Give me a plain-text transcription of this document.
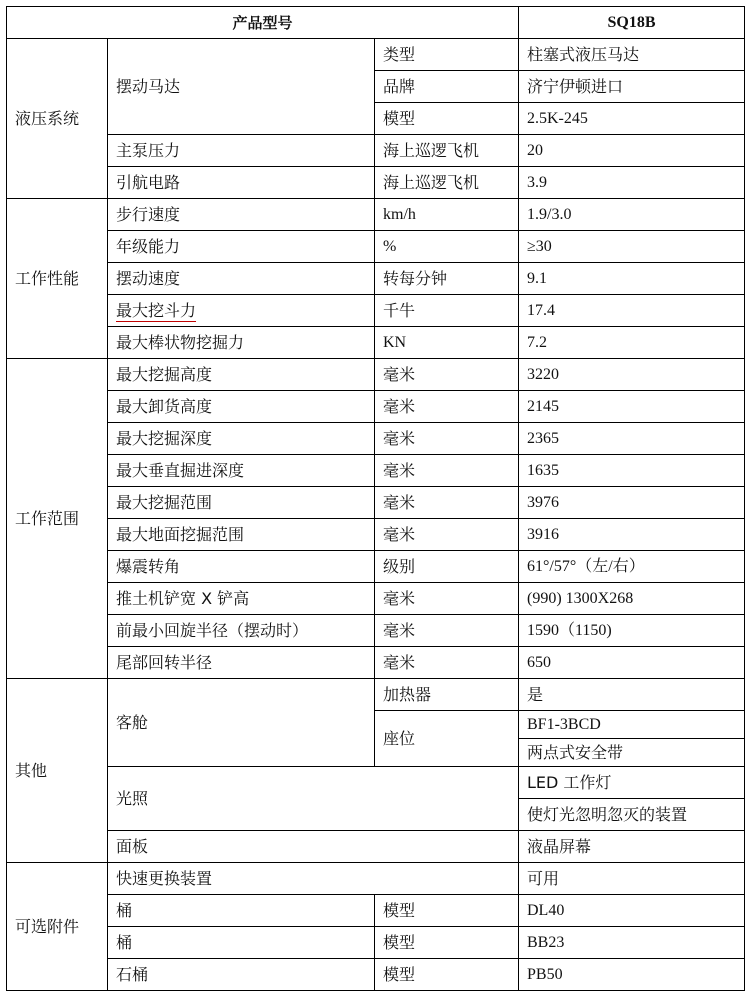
产品型号			SQ18B
液压系统	摆动马达	类型	柱塞式液压马达
		品牌	济宁伊顿进口
		模型	2.5K-245
	主泵压力	海上巡逻飞机	20
	引航电路	海上巡逻飞机	3.9
工作性能	步行速度	km/h	1.9/3.0
	年级能力	%	≥30
	摆动速度	转每分钟	9.1
	最大挖斗力	千牛	17.4
	最大棒状物挖掘力	KN	7.2
工作范围	最大挖掘高度	毫米	3220
	最大卸货高度	毫米	2145
	最大挖掘深度	毫米	2365
	最大垂直掘进深度	毫米	1635
	最大挖掘范围	毫米	3976
	最大地面挖掘范围	毫米	3916
	爆震转角	级别	61°/57°（左/右）
	推土机铲宽 X 铲高	毫米	(990) 1300X268
	前最小回旋半径（摆动时）	毫米	1590（1150)
	尾部回转半径	毫米	650
其他	客舱	加热器	是
		座位	BF1-3BCD
			两点式安全带
	光照		LED 工作灯
			使灯光忽明忽灭的装置
	面板		液晶屏幕
可选附件	快速更换装置		可用
	桶	模型	DL40
	桶	模型	BB23
	石桶	模型	PB50
